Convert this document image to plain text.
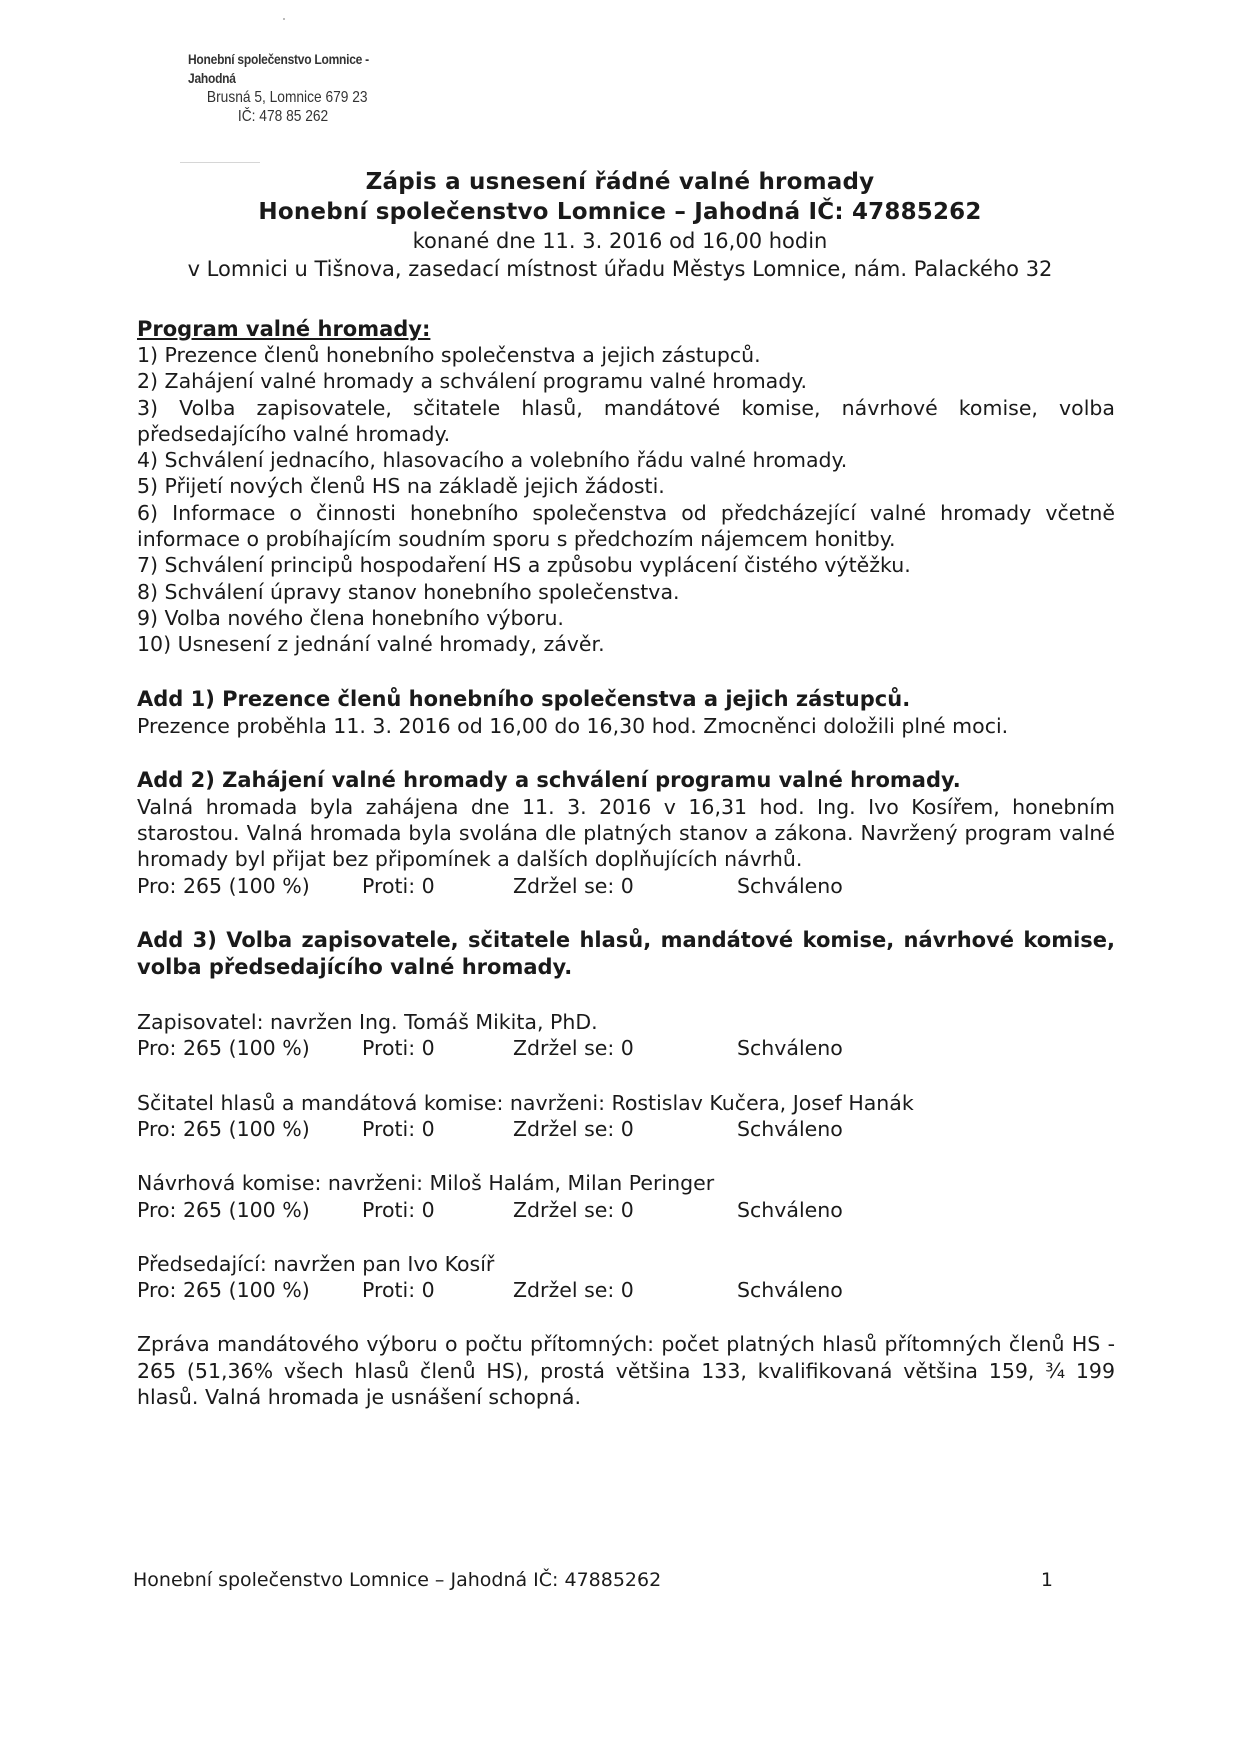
Honební společenstvo Lomnice - Jahodná
Brusná 5, Lomnice 679 23
IČ: 478 85 262
Zápis a usnesení řádné valné hromady
Honební společenstvo Lomnice – Jahodná IČ: 47885262
konané dne 11. 3. 2016 od 16,00 hodin
v Lomnici u Tišnova, zasedací místnost úřadu Městys Lomnice, nám. Palackého 32
Program valné hromady:
1) Prezence členů honebního společenstva a jejich zástupců.
2) Zahájení valné hromady a schválení programu valné hromady.
3) Volba zapisovatele, sčitatele hlasů, mandátové komise, návrhové komise, volba předsedajícího valné hromady.
4) Schválení jednacího, hlasovacího a volebního řádu valné hromady.
5) Přijetí nových členů HS na základě jejich žádosti.
6) Informace o činnosti honebního společenstva od předcházející valné hromady včetně informace o probíhajícím soudním sporu s předchozím nájemcem honitby.
7) Schválení principů hospodaření HS a způsobu vyplácení čistého výtěžku.
8) Schválení úpravy stanov honebního společenstva.
9) Volba nového člena honebního výboru.
10) Usnesení z jednání valné hromady, závěr.
Add 1) Prezence členů honebního společenstva a jejich zástupců.
Prezence proběhla 11. 3. 2016 od 16,00 do 16,30 hod. Zmocněnci doložili plné moci.
Add 2) Zahájení valné hromady a schválení programu valné hromady.
Valná hromada byla zahájena dne 11. 3. 2016 v 16,31 hod. Ing. Ivo Kosířem, honebním starostou. Valná hromada byla svolána dle platných stanov a zákona. Navržený program valné hromady byl přijat bez připomínek a dalších doplňujících návrhů.
Pro: 265 (100 %)	Proti: 0	Zdržel se: 0	Schváleno
Add 3) Volba zapisovatele, sčitatele hlasů, mandátové komise, návrhové komise, volba předsedajícího valné hromady.
Zapisovatel: navržen Ing. Tomáš Mikita, PhD.
Pro: 265 (100 %)	Proti: 0	Zdržel se: 0	Schváleno
Sčitatel hlasů a mandátová komise: navrženi: Rostislav Kučera, Josef Hanák
Pro: 265 (100 %)	Proti: 0	Zdržel se: 0	Schváleno
Návrhová komise: navrženi: Miloš Halám, Milan Peringer
Pro: 265 (100 %)	Proti: 0	Zdržel se: 0	Schváleno
Předsedající: navržen pan Ivo Kosíř
Pro: 265 (100 %)	Proti: 0	Zdržel se: 0	Schváleno
Zpráva mandátového výboru o počtu přítomných: počet platných hlasů přítomných členů HS - 265 (51,36% všech hlasů členů HS), prostá většina 133, kvalifikovaná většina 159, ¾ 199 hlasů. Valná hromada je usnášení schopná.
Honební společenstvo Lomnice – Jahodná IČ: 47885262	1
